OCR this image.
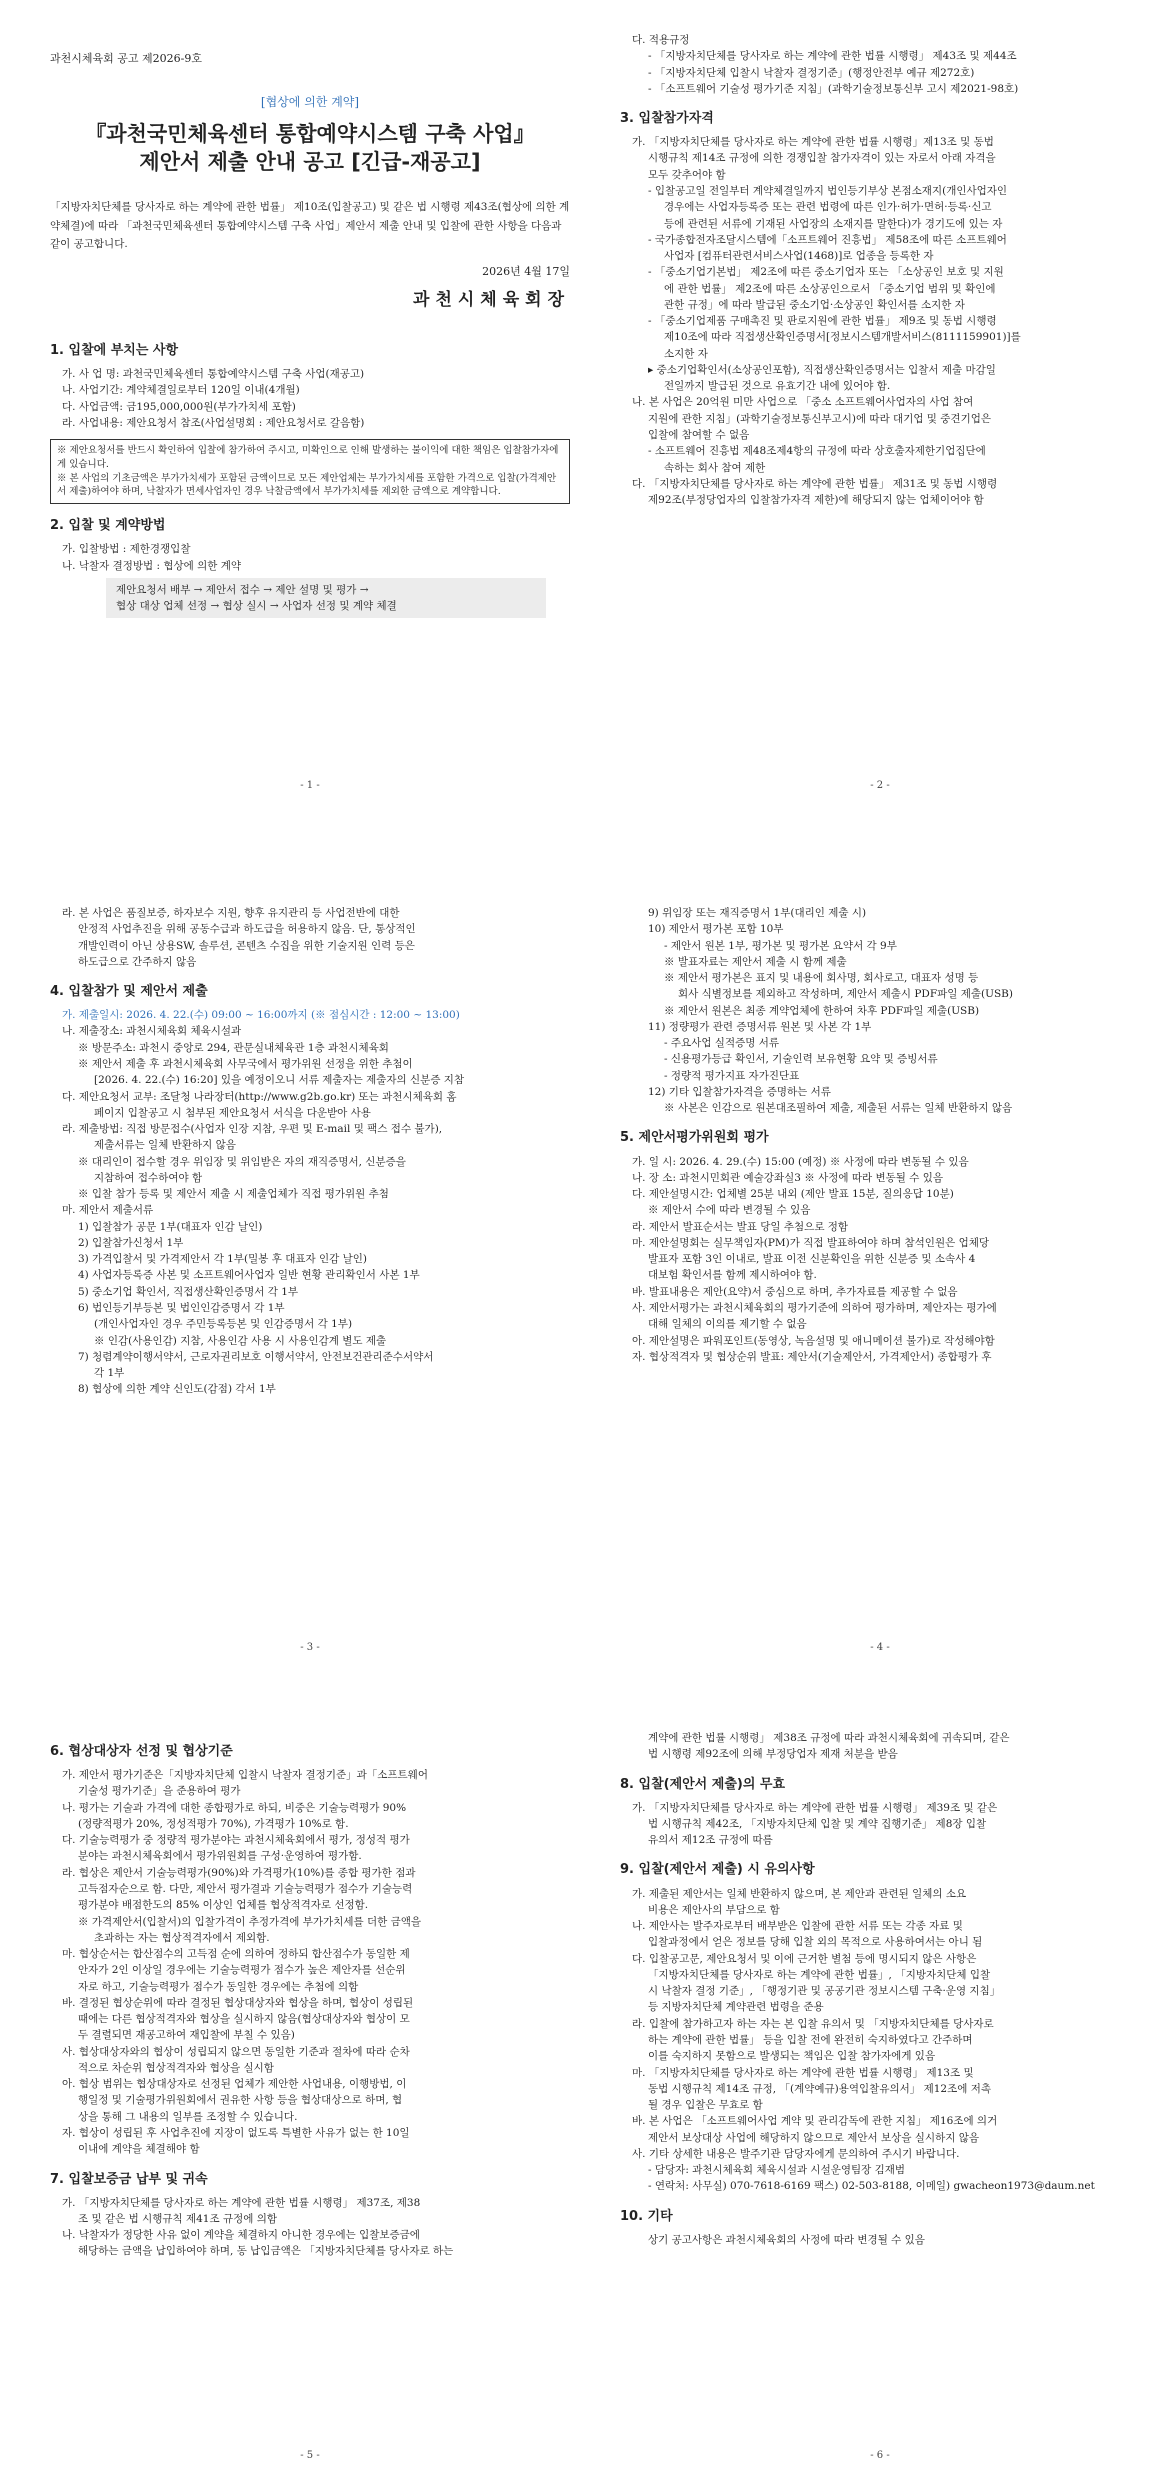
과천시체육회 공고 제2026-9호
[협상에 의한 계약]
『과천국민체육센터 통합예약시스템 구축 사업』
제안서 제출 안내 공고 [긴급-재공고]
「지방자치단체를 당사자로 하는 계약에 관한 법률」 제10조(입찰공고) 및 같은 법 시행령 제43조(협상에 의한 계약체결)에 따라 「과천국민체육센터 통합예약시스템 구축 사업」제안서 제출 안내 및 입찰에 관한 사항을 다음과 같이 공고합니다.
2026년 4월 17일
과천시체육회장
1. 입찰에 부치는 사항
가. 사 업 명: 과천국민체육센터 통합예약시스템 구축 사업(재공고)
나. 사업기간: 계약체결일로부터 120일 이내(4개월)
다. 사업금액: 금195,000,000원(부가가치세 포함)
라. 사업내용: 제안요청서 참조(사업설명회 : 제안요청서로 갈음함)
※ 제안요청서를 반드시 확인하여 입찰에 참가하여 주시고, 미확인으로 인해 발생하는 불이익에 대한 책임은 입찰참가자에게 있습니다.
※ 본 사업의 기초금액은 부가가치세가 포함된 금액이므로 모든 제안업체는 부가가치세를 포함한 가격으로 입찰(가격제안서 제출)하여야 하며, 낙찰자가 면세사업자인 경우 낙찰금액에서 부가가치세를 제외한 금액으로 계약합니다.
2. 입찰 및 계약방법
가. 입찰방법 : 제한경쟁입찰
나. 낙찰자 결정방법 : 협상에 의한 계약
제안요청서 배부 → 제안서 접수 → 제안 설명 및 평가 →
협상 대상 업체 선정 → 협상 실시 → 사업자 선정 및 계약 체결
- 1 -
다. 적용규정
- 「지방자치단체를 당사자로 하는 계약에 관한 법률 시행령」 제43조 및 제44조
- 「지방자치단체 입찰시 낙찰자 결정기준」(행정안전부 예규 제272호)
- 「소프트웨어 기술성 평가기준 지침」(과학기술정보통신부 고시 제2021-98호)
3. 입찰참가자격
가. 「지방자치단체를 당사자로 하는 계약에 관한 법률 시행령」제13조 및 동법
시행규칙 제14조 규정에 의한 경쟁입찰 참가자격이 있는 자로서 아래 자격을
모두 갖추어야 함
- 입찰공고일 전일부터 계약체결일까지 법인등기부상 본점소재지(개인사업자인
경우에는 사업자등록증 또는 관련 법령에 따른 인가·허가·면허·등록·신고
등에 관련된 서류에 기재된 사업장의 소재지를 말한다)가 경기도에 있는 자
- 국가종합전자조달시스템에「소프트웨어 진흥법」 제58조에 따른 소프트웨어
사업자 [컴퓨터관련서비스사업(1468)]로 업종을 등록한 자
- 「중소기업기본법」 제2조에 따른 중소기업자 또는 「소상공인 보호 및 지원
에 관한 법률」 제2조에 따른 소상공인으로서 「중소기업 범위 및 확인에
관한 규정」에 따라 발급된 중소기업·소상공인 확인서를 소지한 자
- 「중소기업제품 구매촉진 및 판로지원에 관한 법률」 제9조 및 동법 시행령
제10조에 따라 직접생산확인증명서[정보시스템개발서비스(8111159901)]를
소지한 자
▸ 중소기업확인서(소상공인포함), 직접생산확인증명서는 입찰서 제출 마감일
전일까지 발급된 것으로 유효기간 내에 있어야 함.
나. 본 사업은 20억원 미만 사업으로 「중소 소프트웨어사업자의 사업 참여
지원에 관한 지침」(과학기술정보통신부고시)에 따라 대기업 및 중견기업은
입찰에 참여할 수 없음
- 소프트웨어 진흥법 제48조제4항의 규정에 따라 상호출자제한기업집단에
속하는 회사 참여 제한
다. 「지방자치단체를 당사자로 하는 계약에 관한 법률」 제31조 및 동법 시행령
제92조(부정당업자의 입찰참가자격 제한)에 해당되지 않는 업체이어야 함
- 2 -
라. 본 사업은 품질보증, 하자보수 지원, 향후 유지관리 등 사업전반에 대한
안정적 사업추진을 위해 공동수급과 하도급을 허용하지 않음. 단, 통상적인
개발인력이 아닌 상용SW, 솔루션, 콘텐츠 수집을 위한 기술지원 인력 등은
하도급으로 간주하지 않음
4. 입찰참가 및 제안서 제출
가. 제출일시: 2026. 4. 22.(수) 09:00 ~ 16:00까지 (※ 점심시간 : 12:00 ~ 13:00)
나. 제출장소: 과천시체육회 체육시설과
※ 방문주소: 과천시 중앙로 294, 관문실내체육관 1층 과천시체육회
※ 제안서 제출 후 과천시체육회 사무국에서 평가위원 선정을 위한 추첨이
[2026. 4. 22.(수) 16:20] 있을 예정이오니 서류 제출자는 제출자의 신분증 지참
다. 제안요청서 교부: 조달청 나라장터(http://www.g2b.go.kr) 또는 과천시체육회 홈
페이지 입찰공고 시 첨부된 제안요청서 서식을 다운받아 사용
라. 제출방법: 직접 방문접수(사업자 인장 지참, 우편 및 E-mail 및 팩스 접수 불가),
제출서류는 일체 반환하지 않음
※ 대리인이 접수할 경우 위임장 및 위임받은 자의 재직증명서, 신분증을
지참하여 접수하여야 함
※ 입찰 참가 등록 및 제안서 제출 시 제출업체가 직접 평가위원 추첨
마. 제안서 제출서류
1) 입찰참가 공문 1부(대표자 인감 날인)
2) 입찰참가신청서 1부
3) 가격입찰서 및 가격제안서 각 1부(밀봉 후 대표자 인감 날인)
4) 사업자등록증 사본 및 소프트웨어사업자 일반 현황 관리확인서 사본 1부
5) 중소기업 확인서, 직접생산확인증명서 각 1부
6) 법인등기부등본 및 법인인감증명서 각 1부
(개인사업자인 경우 주민등록등본 및 인감증명서 각 1부)
※ 인감(사용인감) 지참, 사용인감 사용 시 사용인감계 별도 제출
7) 청렴계약이행서약서, 근로자권리보호 이행서약서, 안전보건관리준수서약서
각 1부
8) 협상에 의한 계약 신인도(감점) 각서 1부
- 3 -
9) 위임장 또는 재직증명서 1부(대리인 제출 시)
10) 제안서 평가본 포함 10부
- 제안서 원본 1부, 평가본 및 평가본 요약서 각 9부
※ 발표자료는 제안서 제출 시 함께 제출
※ 제안서 평가본은 표지 및 내용에 회사명, 회사로고, 대표자 성명 등
회사 식별정보를 제외하고 작성하며, 제안서 제출시 PDF파일 제출(USB)
※ 제안서 원본은 최종 계약업체에 한하여 차후 PDF파일 제출(USB)
11) 정량평가 관련 증명서류 원본 및 사본 각 1부
- 주요사업 실적증명 서류
- 신용평가등급 확인서, 기술인력 보유현황 요약 및 증빙서류
- 정량적 평가지표 자가진단표
12) 기타 입찰참가자격을 증명하는 서류
※ 사본은 인감으로 원본대조필하여 제출, 제출된 서류는 일체 반환하지 않음
5. 제안서평가위원회 평가
가. 일 시: 2026. 4. 29.(수) 15:00 (예정) ※ 사정에 따라 변동될 수 있음
나. 장 소: 과천시민회관 예술강좌실3 ※ 사정에 따라 변동될 수 있음
다. 제안설명시간: 업체별 25분 내외 (제안 발표 15분, 질의응답 10분)
※ 제안서 수에 따라 변경될 수 있음
라. 제안서 발표순서는 발표 당일 추첨으로 정함
마. 제안설명회는 실무책임자(PM)가 직접 발표하여야 하며 참석인원은 업체당
발표자 포함 3인 이내로, 발표 이전 신분확인을 위한 신분증 및 소속사 4
대보험 확인서를 함께 제시하여야 함.
바. 발표내용은 제안(요약)서 중심으로 하며, 추가자료를 제공할 수 없음
사. 제안서평가는 과천시체육회의 평가기준에 의하여 평가하며, 제안자는 평가에
대해 일체의 이의를 제기할 수 없음
아. 제안설명은 파워포인트(동영상, 녹음설명 및 애니메이션 불가)로 작성해야함
자. 협상적격자 및 협상순위 발표: 제안서(기술제안서, 가격제안서) 종합평가 후
- 4 -
6. 협상대상자 선정 및 협상기준
가. 제안서 평가기준은「지방자치단체 입찰시 낙찰자 결정기준」과「소프트웨어
기술성 평가기준」을 준용하여 평가
나. 평가는 기술과 가격에 대한 종합평가로 하되, 비중은 기술능력평가 90%
(정량적평가 20%, 정성적평가 70%), 가격평가 10%로 함.
다. 기술능력평가 중 정량적 평가분야는 과천시체육회에서 평가, 정성적 평가
분야는 과천시체육회에서 평가위원회를 구성·운영하여 평가함.
라. 협상은 제안서 기술능력평가(90%)와 가격평가(10%)를 종합 평가한 점과
고득점자순으로 함. 다만, 제안서 평가결과 기술능력평가 점수가 기술능력
평가분야 배점한도의 85% 이상인 업체를 협상적격자로 선정함.
※ 가격제안서(입찰서)의 입찰가격이 추정가격에 부가가치세를 더한 금액을
초과하는 자는 협상적격자에서 제외함.
마. 협상순서는 합산점수의 고득점 순에 의하여 정하되 합산점수가 동일한 제
안자가 2인 이상일 경우에는 기술능력평가 점수가 높은 제안자를 선순위
자로 하고, 기술능력평가 점수가 동일한 경우에는 추첨에 의함
바. 결정된 협상순위에 따라 결정된 협상대상자와 협상을 하며, 협상이 성립된
때에는 다른 협상적격자와 협상을 실시하지 않음(협상대상자와 협상이 모
두 결렬되면 재공고하여 재입찰에 부칠 수 있음)
사. 협상대상자와의 협상이 성립되지 않으면 동일한 기준과 절차에 따라 순차
적으로 차순위 협상적격자와 협상을 실시함
아. 협상 범위는 협상대상자로 선정된 업체가 제안한 사업내용, 이행방법, 이
행일정 및 기술평가위원회에서 권유한 사항 등을 협상대상으로 하며, 협
상을 통해 그 내용의 일부를 조정할 수 있습니다.
자. 협상이 성립된 후 사업추진에 지장이 없도록 특별한 사유가 없는 한 10일
이내에 계약을 체결해야 함
7. 입찰보증금 납부 및 귀속
가. 「지방자치단체를 당사자로 하는 계약에 관한 법률 시행령」 제37조, 제38
조 및 같은 법 시행규칙 제41조 규정에 의함
나. 낙찰자가 정당한 사유 없이 계약을 체결하지 아니한 경우에는 입찰보증금에
해당하는 금액을 납입하여야 하며, 동 납입금액은 「지방자치단체를 당사자로 하는
- 5 -
계약에 관한 법률 시행령」 제38조 규정에 따라 과천시체육회에 귀속되며, 같은
법 시행령 제92조에 의해 부정당업자 제재 처분을 받음
8. 입찰(제안서 제출)의 무효
가. 「지방자치단체를 당사자로 하는 계약에 관한 법률 시행령」 제39조 및 같은
법 시행규칙 제42조, 「지방자치단체 입찰 및 계약 집행기준」 제8장 입찰
유의서 제12조 규정에 따름
9. 입찰(제안서 제출) 시 유의사항
가. 제출된 제안서는 일체 반환하지 않으며, 본 제안과 관련된 일체의 소요
비용은 제안사의 부담으로 함
나. 제안사는 발주자로부터 배부받은 입찰에 관한 서류 또는 각종 자료 및
입찰과정에서 얻은 정보를 당해 입찰 외의 목적으로 사용하여서는 아니 됨
다. 입찰공고문, 제안요청서 및 이에 근거한 별첨 등에 명시되지 않은 사항은
「지방자치단체를 당사자로 하는 계약에 관한 법률」, 「지방자치단체 입찰
시 낙찰자 결정 기준」, 「행정기관 및 공공기관 정보시스템 구축·운영 지침」
등 지방자치단체 계약관련 법령을 준용
라. 입찰에 참가하고자 하는 자는 본 입찰 유의서 및 「지방자치단체를 당사자로
하는 계약에 관한 법률」 등을 입찰 전에 완전히 숙지하였다고 간주하며
이를 숙지하지 못함으로 발생되는 책임은 입찰 참가자에게 있음
마. 「지방자치단체를 당사자로 하는 계약에 관한 법률 시행령」 제13조 및
동법 시행규칙 제14조 규정, 「(계약예규)용역입찰유의서」 제12조에 저촉
될 경우 입찰은 무효로 함
바. 본 사업은 「소프트웨어사업 계약 및 관리감독에 관한 지침」 제16조에 의거
제안서 보상대상 사업에 해당하지 않으므로 제안서 보상을 실시하지 않음
사. 기타 상세한 내용은 발주기관 담당자에게 문의하여 주시기 바랍니다.
- 담당자: 과천시체육회 체육시설과 시설운영팀장 김재범
- 연락처: 사무실) 070-7618-6169 팩스) 02-503-8188, 이메일) gwacheon1973@daum.net
10. 기타
상기 공고사항은 과천시체육회의 사정에 따라 변경될 수 있음
- 6 -
